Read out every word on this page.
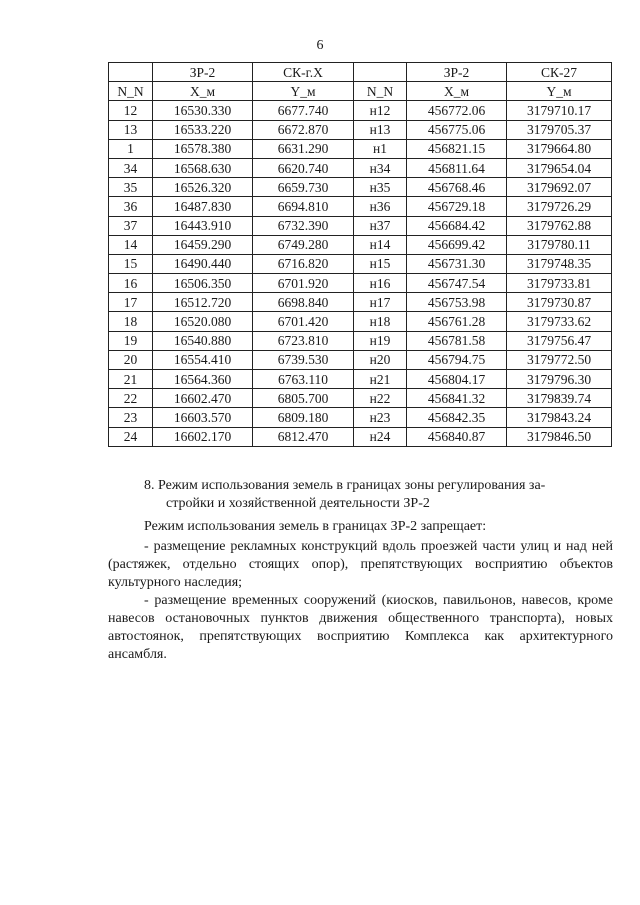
6
	ЗР-2	СК-г.Х		ЗР-2	СК-27
N_N	X_м	Y_м	N_N	X_м	Y_м
12	16530.330	6677.740	н12	456772.06	3179710.17
13	16533.220	6672.870	н13	456775.06	3179705.37
1	16578.380	6631.290	н1	456821.15	3179664.80
34	16568.630	6620.740	н34	456811.64	3179654.04
35	16526.320	6659.730	н35	456768.46	3179692.07
36	16487.830	6694.810	н36	456729.18	3179726.29
37	16443.910	6732.390	н37	456684.42	3179762.88
14	16459.290	6749.280	н14	456699.42	3179780.11
15	16490.440	6716.820	н15	456731.30	3179748.35
16	16506.350	6701.920	н16	456747.54	3179733.81
17	16512.720	6698.840	н17	456753.98	3179730.87
18	16520.080	6701.420	н18	456761.28	3179733.62
19	16540.880	6723.810	н19	456781.58	3179756.47
20	16554.410	6739.530	н20	456794.75	3179772.50
21	16564.360	6763.110	н21	456804.17	3179796.30
22	16602.470	6805.700	н22	456841.32	3179839.74
23	16603.570	6809.180	н23	456842.35	3179843.24
24	16602.170	6812.470	н24	456840.87	3179846.50
8. Режим использования земель в границах зоны регулирования за-
стройки и хозяйственной деятельности ЗР-2
Режим использования земель в границах ЗР-2 запрещает:
- размещение рекламных конструкций вдоль проезжей части улиц и над ней (растяжек, отдельно стоящих опор), препятствующих восприятию объектов культурного наследия;
- размещение временных сооружений (киосков, павильонов, навесов, кроме навесов остановочных пунктов движения общественного транспорта), новых автостоянок, препятствующих восприятию Комплекса как архитектурного ансамбля.
